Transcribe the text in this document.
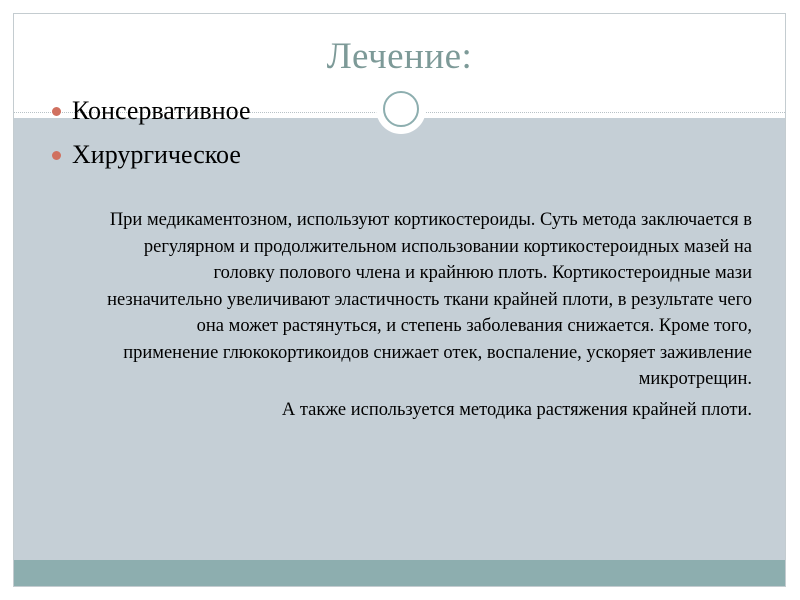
Лечение:
Консервативное
Хирургическое

При медикаментозном, используют кортикостероиды. Суть метода заключается в регулярном и продолжительном использовании кортикостероидных мазей на головку полового члена и крайнюю плоть. Кортикостероидные мази незначительно увеличивают эластичность ткани крайней плоти, в результате чего она может растянуться, и степень заболевания снижается. Кроме того, применение глюкокортикоидов снижает отек, воспаление, ускоряет заживление микротрещин.

А также используется методика растяжения крайней плоти.
